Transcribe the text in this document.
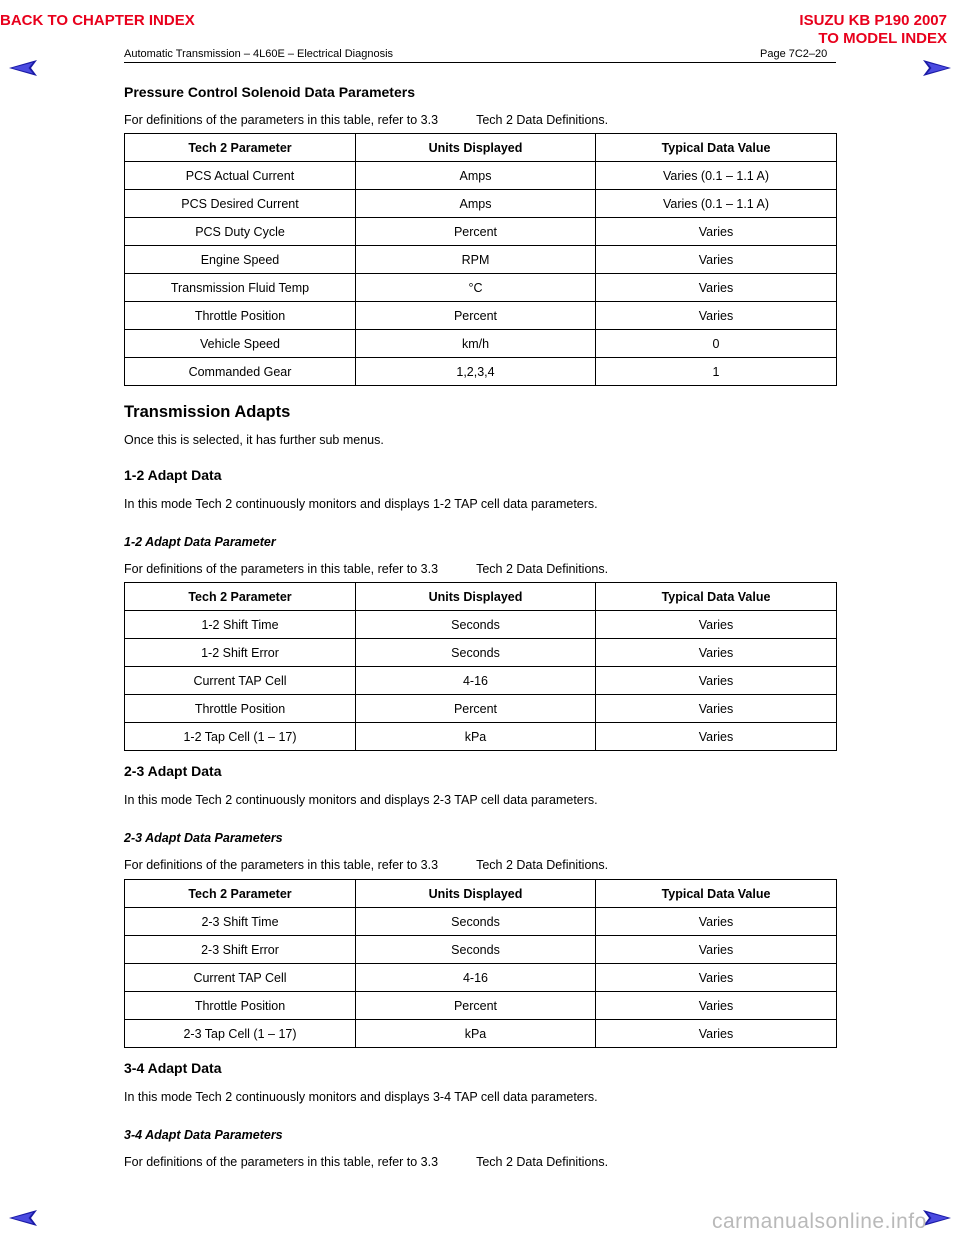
BACK TO CHAPTER INDEX	ISUZU KB P190 2007
TO MODEL INDEX
Automatic Transmission – 4L60E – Electrical Diagnosis	Page 7C2–20
Pressure Control Solenoid Data Parameters
For definitions of the parameters in this table, refer to 3.3	Tech 2 Data Definitions.
Tech 2 Parameter	Units Displayed	Typical Data Value
PCS Actual Current	Amps	Varies (0.1 – 1.1 A)
PCS Desired Current	Amps	Varies (0.1 – 1.1 A)
PCS Duty Cycle	Percent	Varies
Engine Speed	RPM	Varies
Transmission Fluid Temp	°C	Varies
Throttle Position	Percent	Varies
Vehicle Speed	km/h	0
Commanded Gear	1,2,3,4	1
Transmission Adapts
Once this is selected, it has further sub menus.
1-2 Adapt Data
In this mode Tech 2 continuously monitors and displays 1-2 TAP cell data parameters.
1-2 Adapt Data Parameter
For definitions of the parameters in this table, refer to 3.3	Tech 2 Data Definitions.
Tech 2 Parameter	Units Displayed	Typical Data Value
1-2 Shift Time	Seconds	Varies
1-2 Shift Error	Seconds	Varies
Current TAP Cell	4-16	Varies
Throttle Position	Percent	Varies
1-2 Tap Cell (1 – 17)	kPa	Varies
2-3 Adapt Data
In this mode Tech 2 continuously monitors and displays 2-3 TAP cell data parameters.
2-3 Adapt Data Parameters
For definitions of the parameters in this table, refer to 3.3	Tech 2 Data Definitions.
Tech 2 Parameter	Units Displayed	Typical Data Value
2-3 Shift Time	Seconds	Varies
2-3 Shift Error	Seconds	Varies
Current TAP Cell	4-16	Varies
Throttle Position	Percent	Varies
2-3 Tap Cell (1 – 17)	kPa	Varies
3-4 Adapt Data
In this mode Tech 2 continuously monitors and displays 3-4 TAP cell data parameters.
3-4 Adapt Data Parameters
For definitions of the parameters in this table, refer to 3.3	Tech 2 Data Definitions.
carmanualsonline.info
